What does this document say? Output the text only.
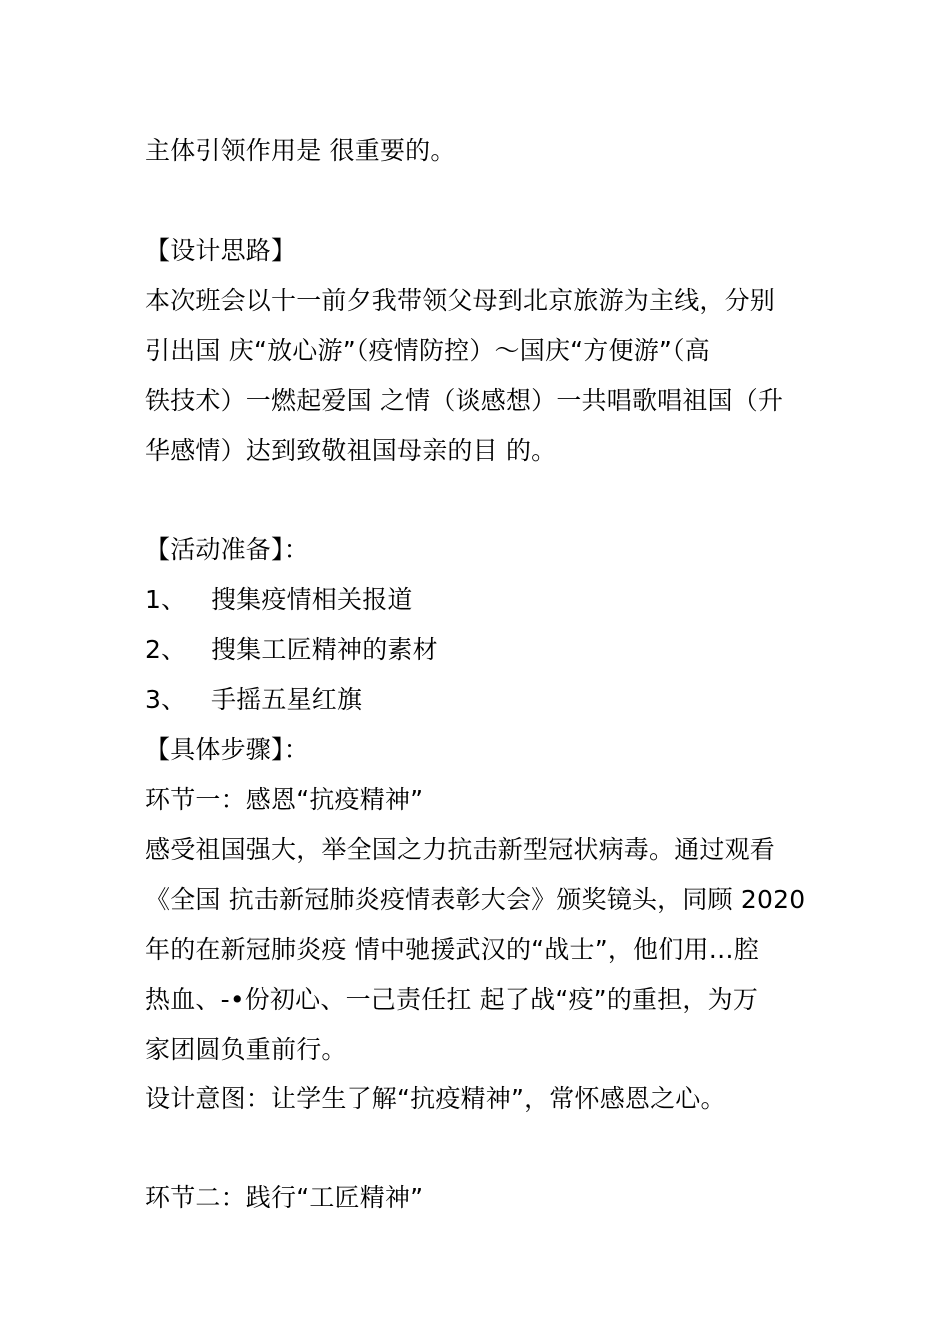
主体引领作用是 很重要的。
【设计思路】
本次班会以十一前夕我带领父母到北京旅游为主线，分别
引出国 庆“放心游”（疫情防控）〜国庆“方便游”（高
铁技术）一燃起爱国 之情（谈感想）一共唱歌唱祖国（升
华感情）达到致敬祖国母亲的目 的。
【活动准备】：
1、 搜集疫情相关报道
2、 搜集工匠精神的素材
3、 手摇五星红旗
【具体步骤】：
环节一：感恩“抗疫精神”
感受祖国强大，举全国之力抗击新型冠状病毒。通过观看
《全国 抗击新冠肺炎疫情表彰大会》颁奖镜头，同顾 2020
年的在新冠肺炎疫 情中驰援武汉的“战士”，他们用…腔
热血、-•份初心、一己责任扛 起了战“疫”的重担，为万
家团圆负重前行。
设计意图：让学生了解“抗疫精神”，常怀感恩之心。
环节二：践行“工匠精神”
